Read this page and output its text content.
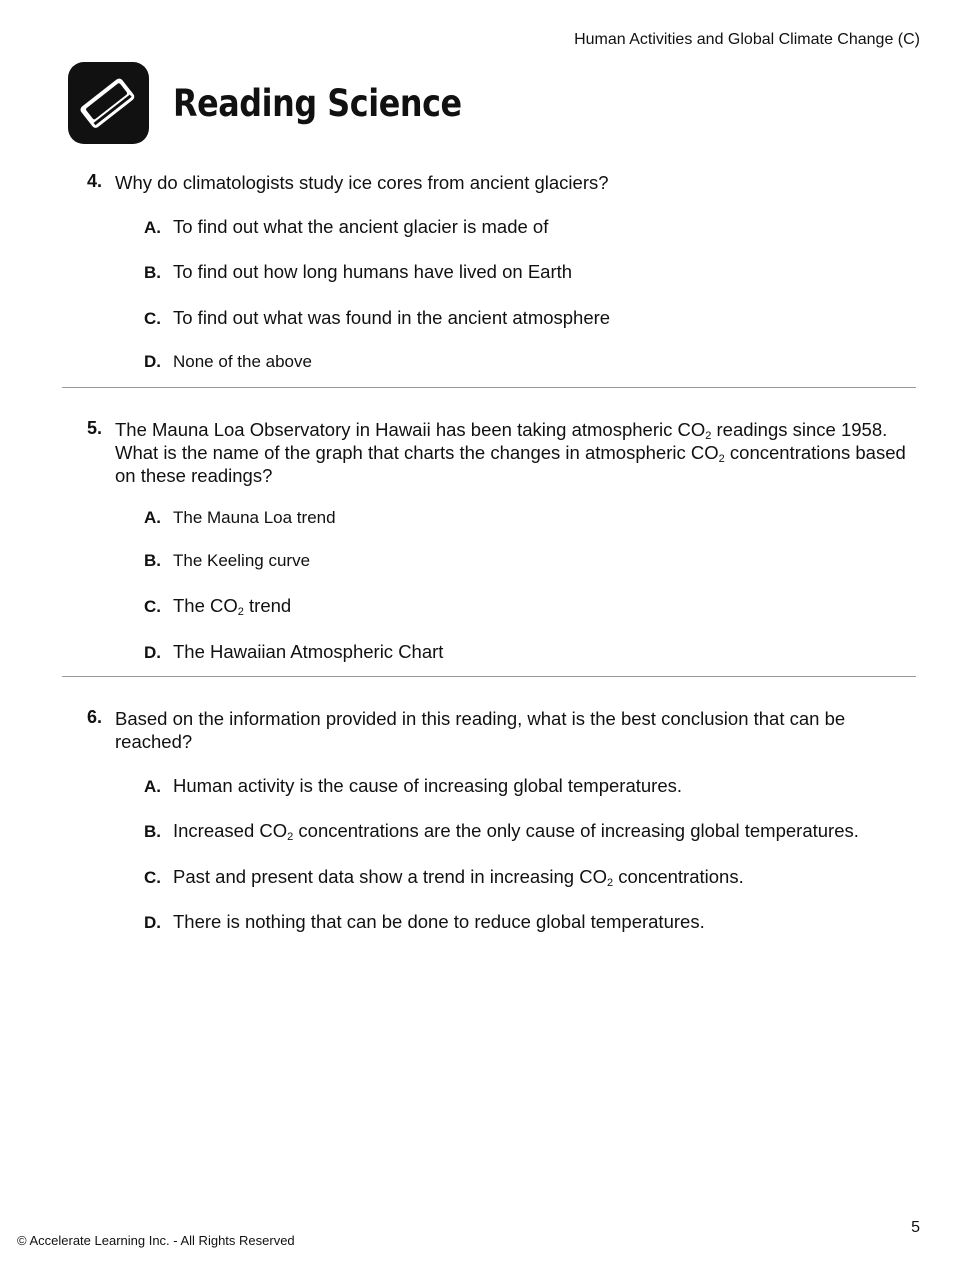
Human Activities and Global Climate Change (C)
Reading Science
4. Why do climatologists study ice cores from ancient glaciers?
A. To find out what the ancient glacier is made of
B. To find out how long humans have lived on Earth
C. To find out what was found in the ancient atmosphere
D. None of the above
5. The Mauna Loa Observatory in Hawaii has been taking atmospheric $CO_2$ readings since 1958. What is the name of the graph that charts the changes in atmospheric $CO_2$ concentrations based on these readings?
A. The Mauna Loa trend
B. The Keeling curve
C. The $CO_2$ trend
D. The Hawaiian Atmospheric Chart
6. Based on the information provided in this reading, what is the best conclusion that can be reached?
A. Human activity is the cause of increasing global temperatures.
B. Increased $CO_2$ concentrations are the only cause of increasing global temperatures.
C. Past and present data show a trend in increasing $CO_2$ concentrations.
D. There is nothing that can be done to reduce global temperatures.
5
© Accelerate Learning Inc. - All Rights Reserved
